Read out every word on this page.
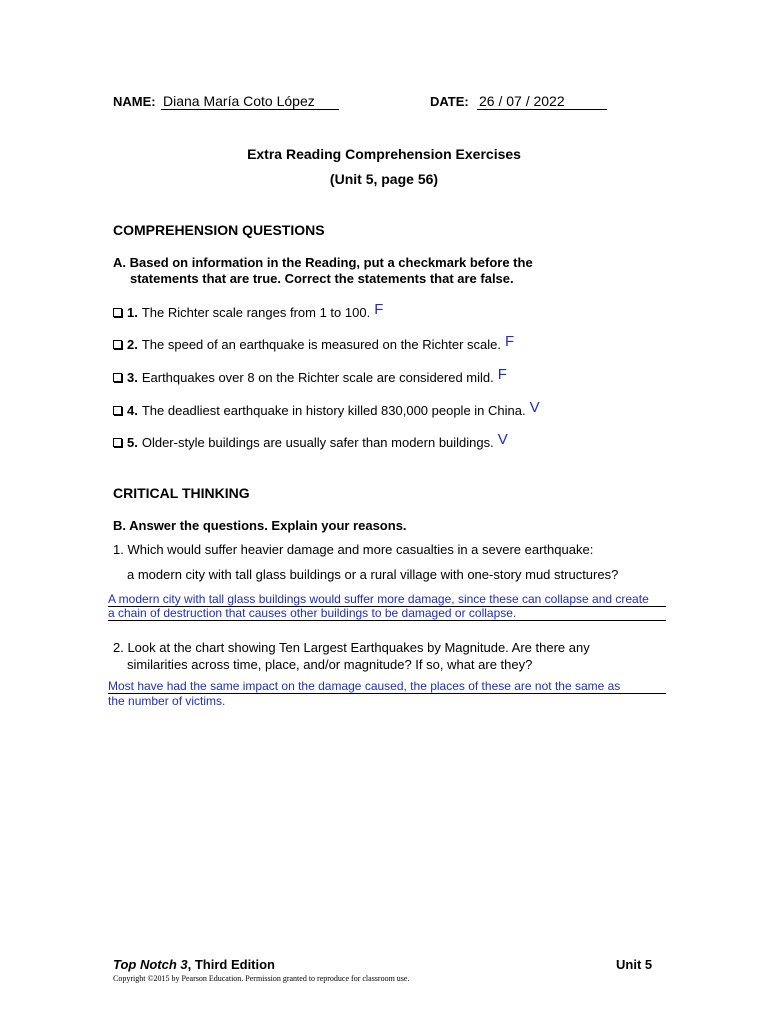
NAME: Diana María Coto López	DATE: 26 / 07 / 2022
Extra Reading Comprehension Exercises
(Unit 5, page 56)
COMPREHENSION QUESTIONS
A. Based on information in the Reading, put a checkmark before the
statements that are true. Correct the statements that are false.
1. The Richter scale ranges from 1 to 100. F
2. The speed of an earthquake is measured on the Richter scale. F
3. Earthquakes over 8 on the Richter scale are considered mild. F
4. The deadliest earthquake in history killed 830,000 people in China. V
5. Older-style buildings are usually safer than modern buildings. V
CRITICAL THINKING
B. Answer the questions. Explain your reasons.
1. Which would suffer heavier damage and more casualties in a severe earthquake:
a modern city with tall glass buildings or a rural village with one-story mud structures?
A modern city with tall glass buildings would suffer more damage, since these can collapse and create
a chain of destruction that causes other buildings to be damaged or collapse.
2. Look at the chart showing Ten Largest Earthquakes by Magnitude. Are there any
similarities across time, place, and/or magnitude? If so, what are they?
Most have had the same impact on the damage caused, the places of these are not the same as
the number of victims.
Top Notch 3, Third Edition	Unit 5
Copyright ©2015 by Pearson Education. Permission granted to reproduce for classroom use.
